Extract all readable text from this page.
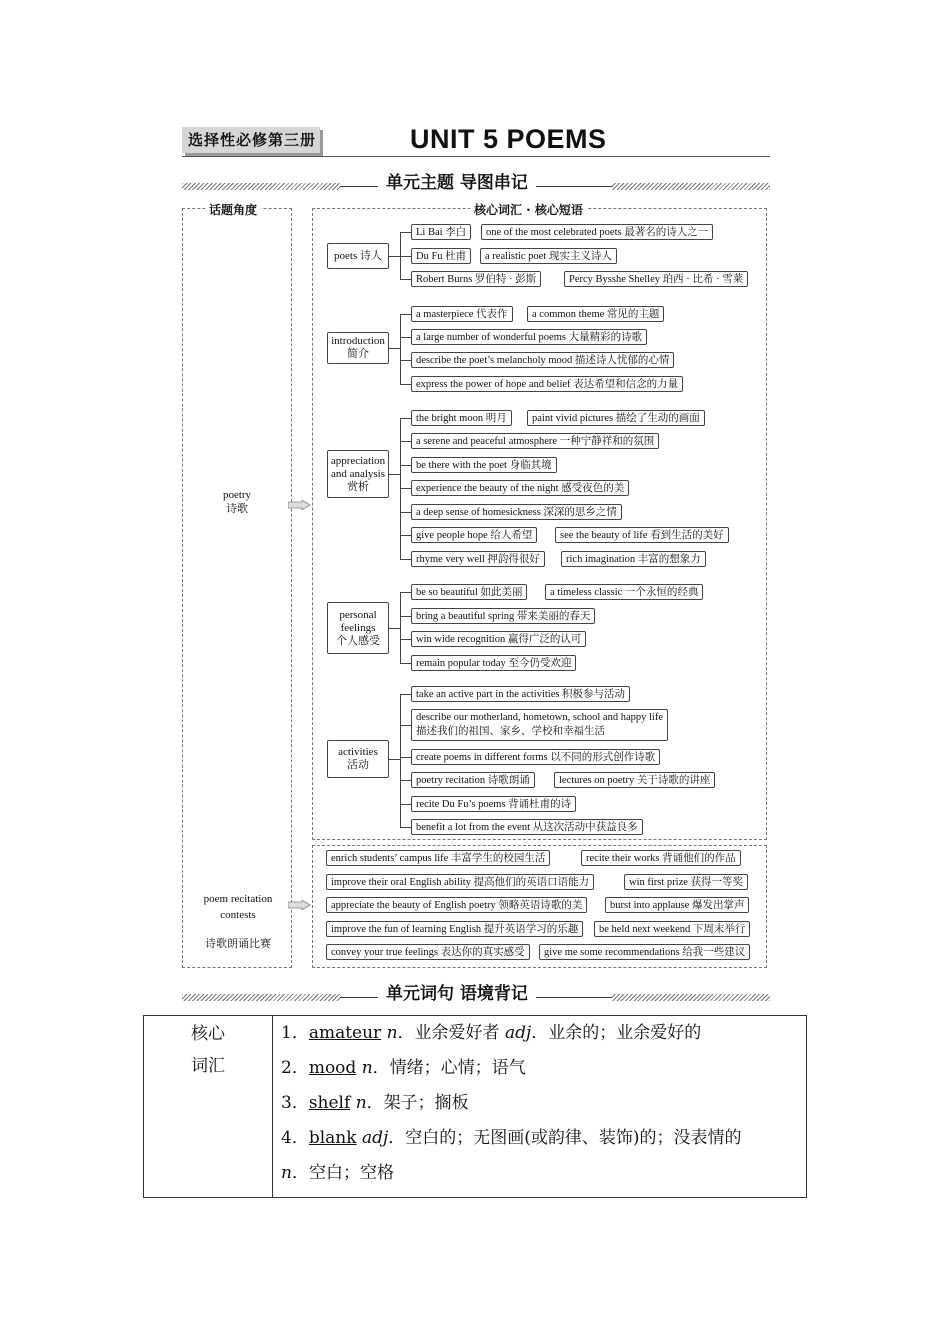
选择性必修第三册	UNIT 5 POEMS
单元主题 导图串记
话题角度
poetry
诗歌

poem recitation
contests

诗歌朗诵比赛

核心词汇 · 核心短语
poets 诗人
Li Bai 李白	one of the most celebrated poets 最著名的诗人之一
Du Fu 杜甫	a realistic poet 现实主义诗人
Robert Burns 罗伯特 · 彭斯	Percy Bysshe Shelley 珀西 · 比希 · 雪莱
introduction
简介
a masterpiece 代表作	a common theme 常见的主题
a large number of wonderful poems 大量精彩的诗歌
describe the poet’s melancholy mood 描述诗人忧郁的心情
express the power of hope and belief 表达希望和信念的力量
appreciation
and analysis
赏析
the bright moon 明月	paint vivid pictures 描绘了生动的画面
a serene and peaceful atmosphere 一种宁静祥和的氛围
be there with the poet 身临其境
experience the beauty of the night 感受夜色的美
a deep sense of homesickness 深深的思乡之情
give people hope 给人希望	see the beauty of life 看到生活的美好
rhyme very well 押韵得很好	rich imagination 丰富的想象力
personal
feelings
个人感受
be so beautiful 如此美丽	a timeless classic 一个永恒的经典
bring a beautiful spring 带来美丽的春天
win wide recognition 赢得广泛的认可
remain popular today 至今仍受欢迎
activities
活动
take an active part in the activities 积极参与活动
describe our motherland, hometown, school and happy life
描述我们的祖国、家乡、学校和幸福生活
create poems in different forms 以不同的形式创作诗歌
poetry recitation 诗歌朗诵	lectures on poetry 关于诗歌的讲座
recite Du Fu’s poems 背诵杜甫的诗
benefit a lot from the event 从这次活动中获益良多
enrich students’ campus life 丰富学生的校园生活	recite their works 背诵他们的作品
improve their oral English ability 提高他们的英语口语能力	win first prize 获得一等奖
appreciate the beauty of English poetry 领略英语诗歌的美	burst into applause 爆发出掌声
improve the fun of learning English 提升英语学习的乐趣	be held next weekend 下周末举行
convey your true feelings 表达你的真实感受	give me some recommendations 给我一些建议
单元词句 语境背记
核心
词汇

1．amateur n．业余爱好者 adj．业余的；业余爱好的
2．mood n．情绪；心情；语气
3．shelf n．架子；搁板
4．blank adj．空白的；无图画(或韵律、装饰)的；没表情的
n．空白；空格
